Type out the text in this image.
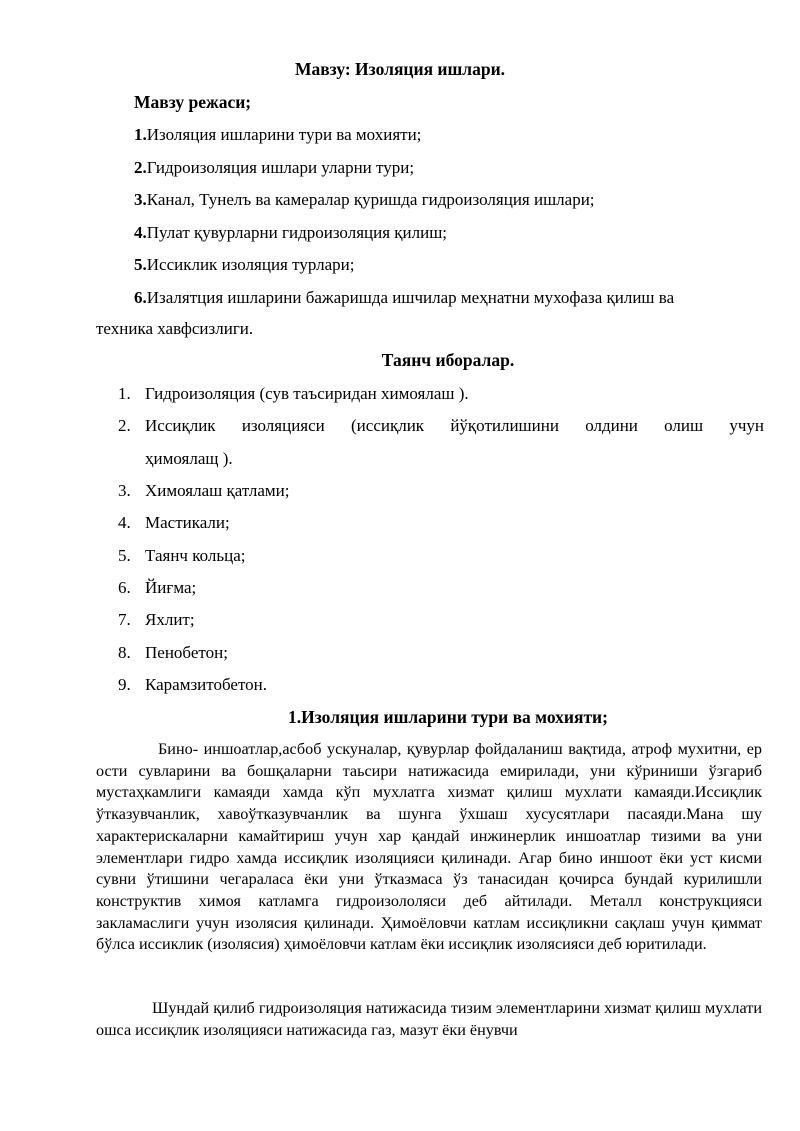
Мавзу: Изоляция ишлари.
Мавзу режаси;
1.Изоляция ишларини тури ва мохияти;
2.Гидроизоляция ишлари уларни тури;
3.Канал, Тунелъ ва камералар қуришда гидроизоляция ишлари;
4.Пулат қувурларни гидроизоляция қилиш;
5.Иссиклик изоляция турлари;
6.Изалятция ишларини бажаришда ишчилар меҳнатни мухофаза қилиш ва
техника хавфсизлиги.
Таянч иборалар.
1. Гидроизоляция (сув таъсиридан химоялаш ).
2. Иссиқлик изоляцияси (иссиқлик йўқотилишини олдини олиш учун
ҳимоялащ ).
3. Химоялаш қатлами;
4. Мастикали;
5. Таянч кольца;
6. Йиғма;
7. Яхлит;
8. Пенобетон;
9. Карамзитобетон.
1.Изоляция ишларини тури ва мохияти;

Бино- иншоатлар,асбоб ускуналар, қувурлар фойдаланиш вақтида, атроф мухитни, ер ости сувларини ва бошқаларни таьсири натижасида емирилади, уни кўриниши ўзгариб мустаҳкамлиги камаяди хамда кўп мухлатга хизмат қилиш мухлати камаяди.Иссиқлик ўтказувчанлик, хавоўтказувчанлик ва шунга ўхшаш хусусятлари пасаяди.Мана шу характерискаларни камайтириш учун хар қандай инжинерлик иншоатлар тизими ва уни элементлари гидро хамда иссиқлик изоляцияси қилинади. Агар бино иншоот ёки уст кисми сувни ўтишини чегаралаcа ёки уни ўтказмаса ўз танасидан қочирса бундай курилишли конструктив химоя катламга гидроизололяси деб айтилади. Металл конструкцияси закламаслиги учун изолясия қилинади. Ҳимоёловчи катлам иссиқликни сақлаш учун қиммат бўлса иссиклик (изолясия) ҳимоёловчи катлам ёки иссиқлик изолясияси деб юритилади.

Шундай қилиб гидроизоляция натижасида тизим элементларини хизмат қилиш мухлати ошса иссиқлик изоляцияси натижасида газ, мазут ёки ёнувчи
